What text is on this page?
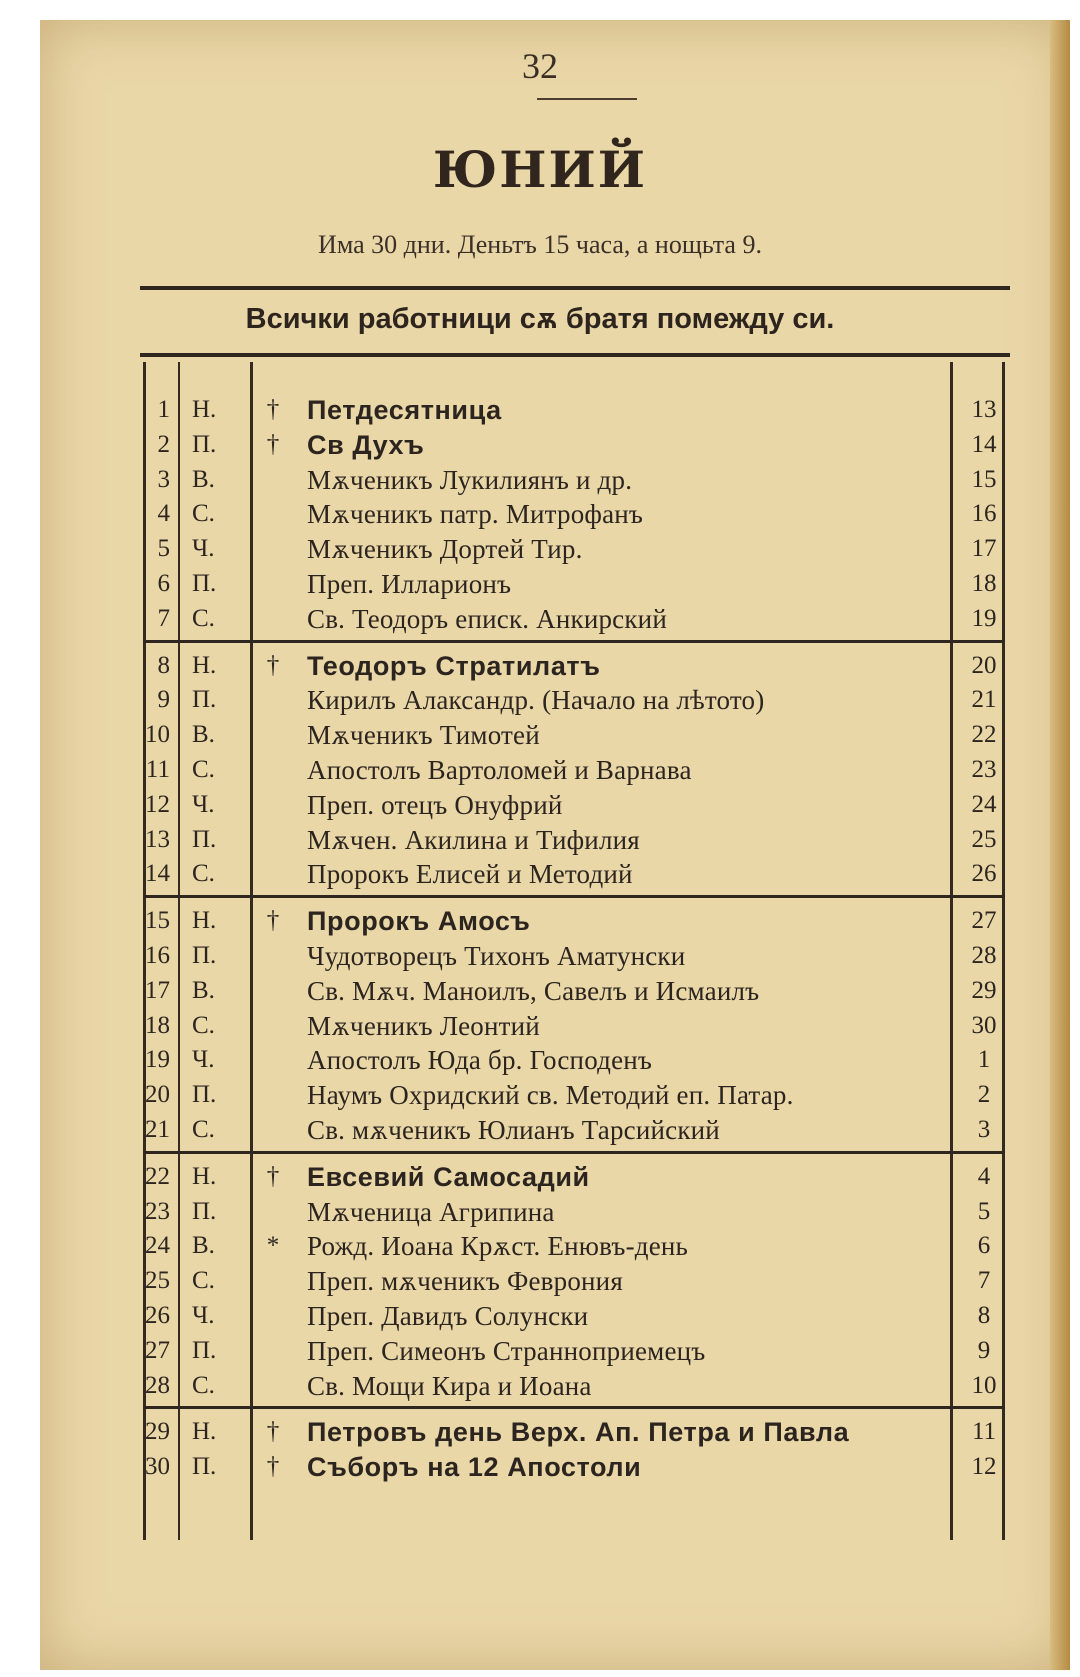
32
ЮНИЙ
Има 30 дни. Деньтъ 15 часа, а нощьта 9.
Всички работници сѫ братя помежду си.
1 Н.	† Петдесятница	13
2 П.	† Св Духъ	14
3 В.	Мѫченикъ Лукилиянъ и др.	15
4 С.	Мѫченикъ патр. Митрофанъ	16
5 Ч.	Мѫченикъ Дортей Тир.	17
6 П.	Преп. Илларионъ	18
7 С.	Св. Теодоръ еписк. Анкирский	19
8 Н.	† Теодоръ Стратилатъ	20
9 П.	Кирилъ Алаксандр. (Начало на лѣтото)	21
10 В.	Мѫченикъ Тимотей	22
11 С.	Апостолъ Вартоломей и Варнава	23
12 Ч.	Преп. отецъ Онуфрий	24
13 П.	Мѫчен. Акилина и Тифилия	25
14 С.	Пророкъ Елисей и Методий	26
15 Н.	† Пророкъ Амосъ	27
16 П.	Чудотворецъ Тихонъ Аматунски	28
17 В.	Св. Мѫч. Маноилъ, Савелъ и Исмаилъ	29
18 С.	Мѫченикъ Леонтий	30
19 Ч.	Апостолъ Юда бр. Господенъ	1
20 П.	Наумъ Охридский св. Методий еп. Патар.	2
21 С.	Св. мѫченикъ Юлианъ Тарсийский	3
22 Н.	† Евсевий Самосадий	4
23 П.	Мѫченица Агрипина	5
24 В.	* Рожд. Иоана Крѫст. Енювъ-день	6
25 С.	Преп. мѫченикъ Феврония	7
26 Ч.	Преп. Давидъ Солунски	8
27 П.	Преп. Симеонъ Странноприемецъ	9
28 С.	Св. Мощи Кира и Иоана	10
29 Н.	† Петровъ день Верх. Ап. Петра и Павла	11
30 П.	† Съборъ на 12 Апостоли	12
